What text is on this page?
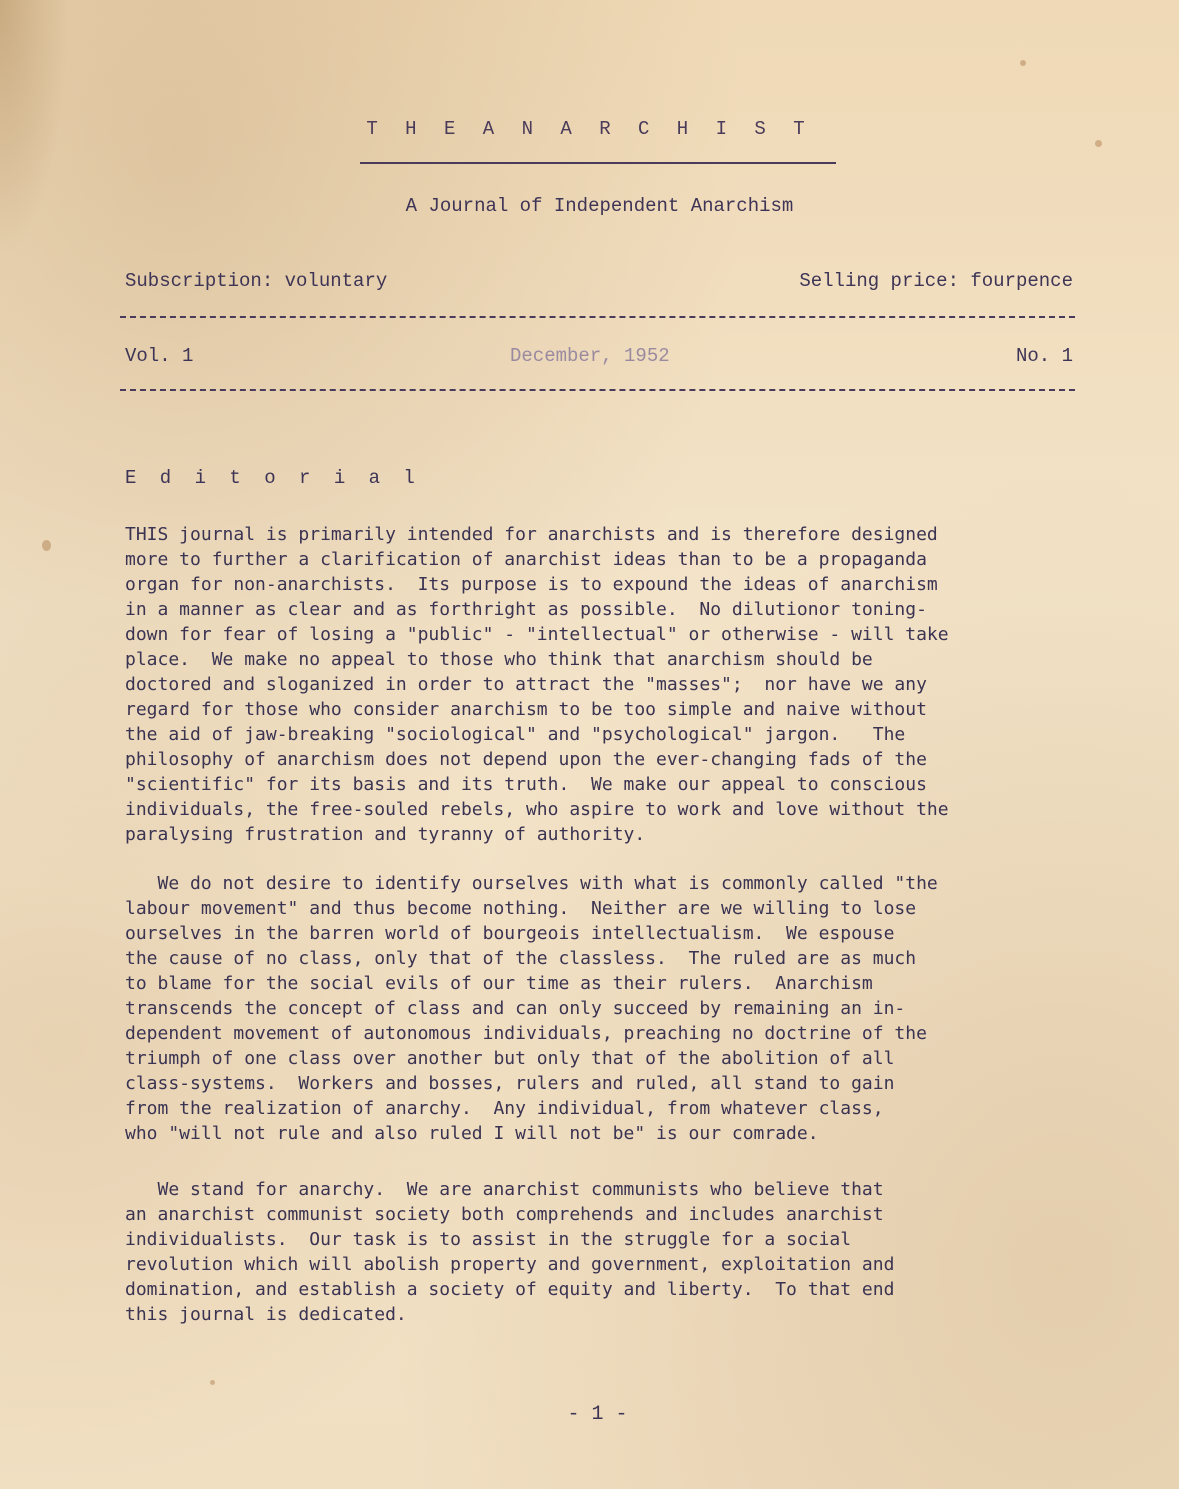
T H E A N A R C H I S T
A Journal of Independent Anarchism
Subscription: voluntary	Selling price: fourpence
Vol. 1	December, 1952	No. 1
E d i t o r i a l
THIS journal is primarily intended for anarchists and is therefore designed
more to further a clarification of anarchist ideas than to be a propaganda
organ for non-anarchists.  Its purpose is to expound the ideas of anarchism
in a manner as clear and as forthright as possible.  No dilutionor toning-
down for fear of losing a "public" - "intellectual" or otherwise - will take
place.  We make no appeal to those who think that anarchism should be
doctored and sloganized in order to attract the "masses";  nor have we any
regard for those who consider anarchism to be too simple and naive without
the aid of jaw-breaking "sociological" and "psychological" jargon.   The
philosophy of anarchism does not depend upon the ever-changing fads of the
"scientific" for its basis and its truth.  We make our appeal to conscious
individuals, the free-souled rebels, who aspire to work and love without the
paralysing frustration and tyranny of authority.
We do not desire to identify ourselves with what is commonly called "the
labour movement" and thus become nothing.  Neither are we willing to lose
ourselves in the barren world of bourgeois intellectualism.  We espouse
the cause of no class, only that of the classless.  The ruled are as much
to blame for the social evils of our time as their rulers.  Anarchism
transcends the concept of class and can only succeed by remaining an in-
dependent movement of autonomous individuals, preaching no doctrine of the
triumph of one class over another but only that of the abolition of all
class-systems.  Workers and bosses, rulers and ruled, all stand to gain
from the realization of anarchy.  Any individual, from whatever class,
who "will not rule and also ruled I will not be" is our comrade.
We stand for anarchy.  We are anarchist communists who believe that
an anarchist communist society both comprehends and includes anarchist
individualists.  Our task is to assist in the struggle for a social
revolution which will abolish property and government, exploitation and
domination, and establish a society of equity and liberty.  To that end
this journal is dedicated.
- 1 -
